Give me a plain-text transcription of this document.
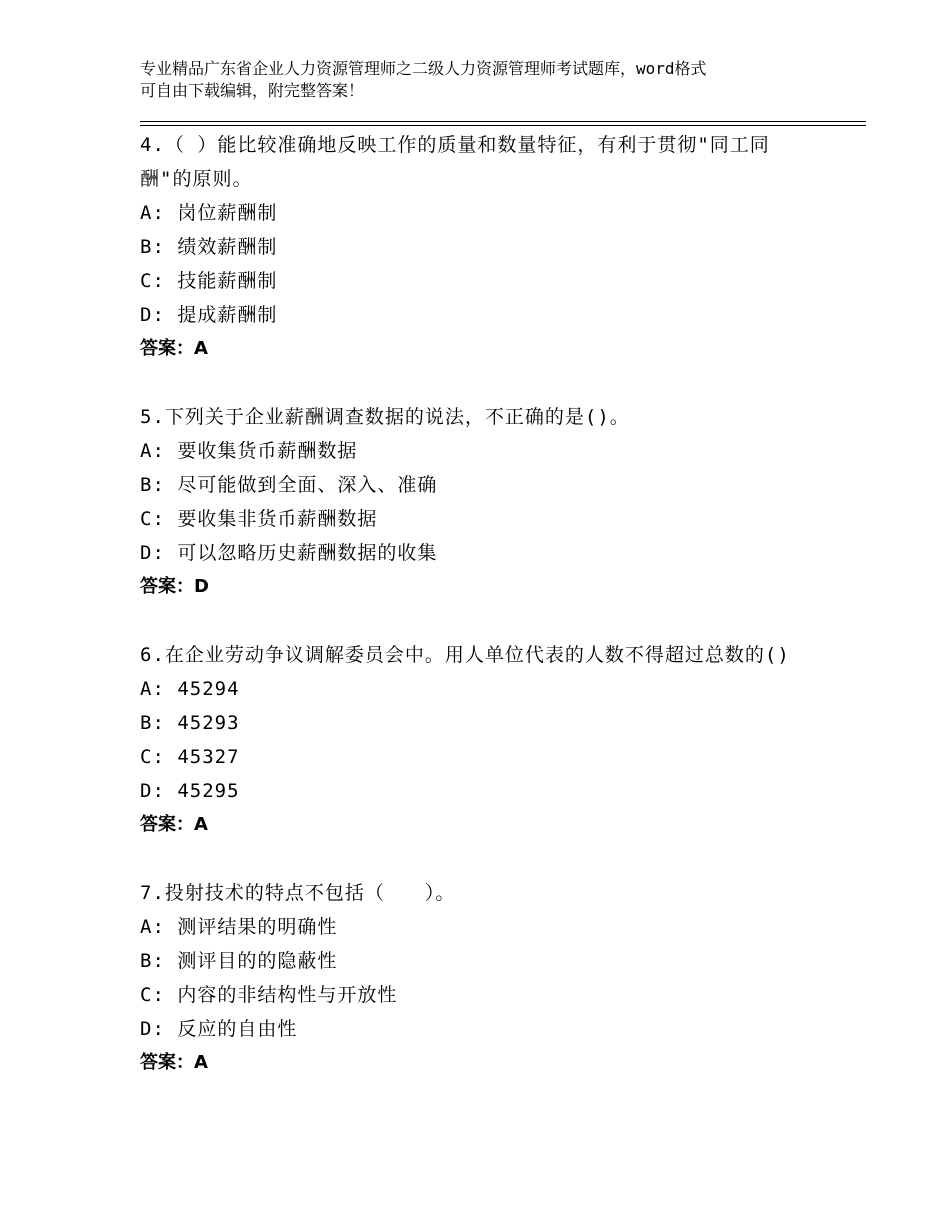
专业精品广东省企业人力资源管理师之二级人力资源管理师考试题库，word格式
可自由下载编辑，附完整答案！

4.（ ）能比较准确地反映工作的质量和数量特征，有利于贯彻"同工同酬"的原则。

A: 岗位薪酬制

B: 绩效薪酬制

C: 技能薪酬制

D: 提成薪酬制

答案：A

5.下列关于企业薪酬调查数据的说法，不正确的是()。

A: 要收集货币薪酬数据

B: 尽可能做到全面、深入、准确

C: 要收集非货币薪酬数据

D: 可以忽略历史薪酬数据的收集

答案：D

6.在企业劳动争议调解委员会中。用人单位代表的人数不得超过总数的()

A: 45294

B: 45293

C: 45327

D: 45295

答案：A

7.投射技术的特点不包括（　　）。

A: 测评结果的明确性

B: 测评目的的隐蔽性

C: 内容的非结构性与开放性

D: 反应的自由性

答案：A
